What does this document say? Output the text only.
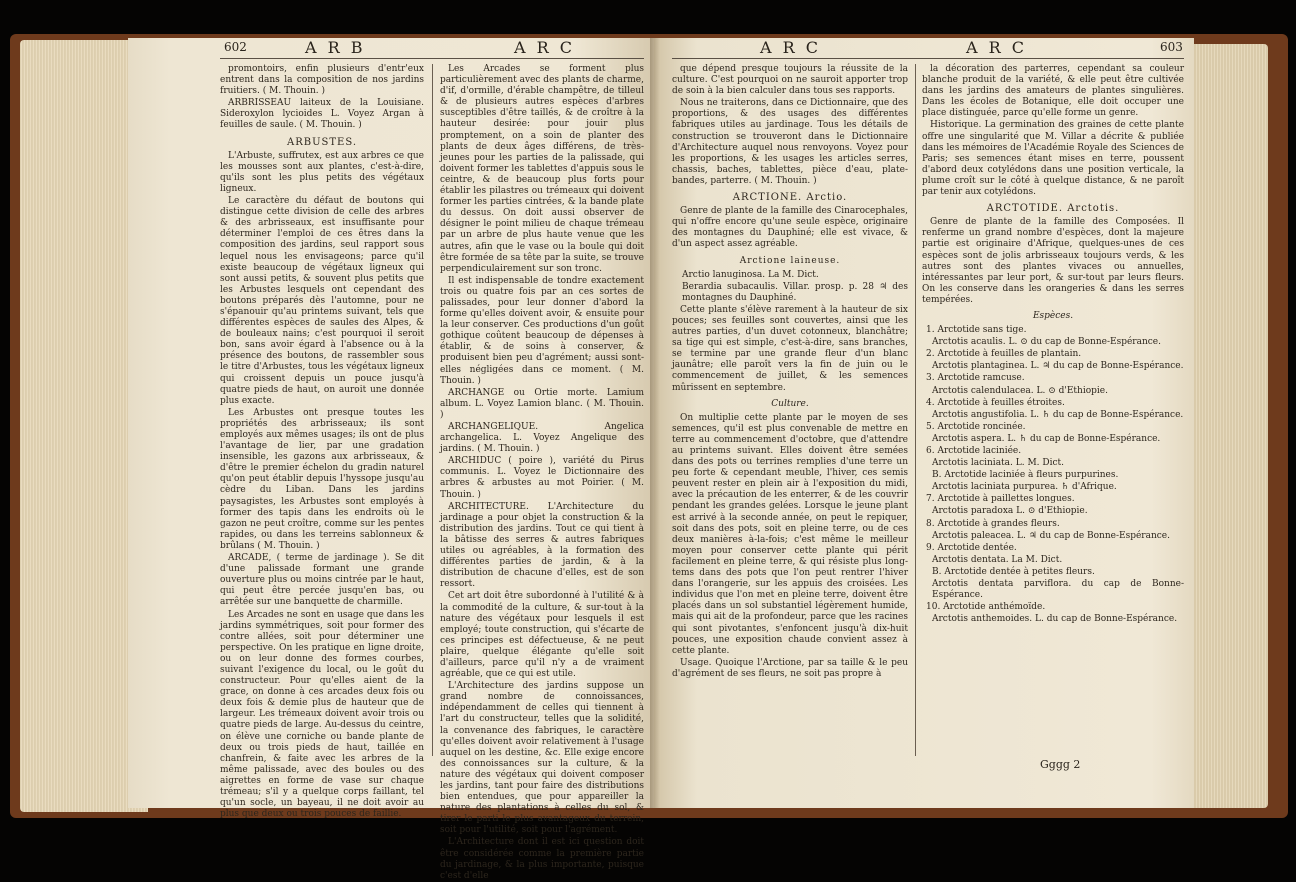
602	A R B	A R C	A R C	A R C	603

promontoirs, enfin plusieurs d'entr'eux entrent dans la composition de nos jardins fruitiers. ( M. Thouin. )

ARBRISSEAU laiteux de la Louisiane. Sideroxylon lycioides L. Voyez Argan à feuilles de saule. ( M. Thouin. )

ARBUSTES.

L'Arbuste, suffrutex, est aux arbres ce que les mousses sont aux plantes, c'est-à-dire, qu'ils sont les plus petits des végétaux ligneux.

Le caractère du défaut de boutons qui distingue cette division de celle des arbres & des arbrisseaux, est insuffisante pour déterminer l'emploi de ces êtres dans la composition des jardins, seul rapport sous lequel nous les envisageons; parce qu'il existe beaucoup de végétaux ligneux qui sont aussi petits, & souvent plus petits que les Arbustes lesquels ont cependant des boutons préparés dès l'automne, pour ne s'épanouir qu'au printems suivant, tels que différentes espèces de saules des Alpes, & de bouleaux nains; c'est pourquoi il seroit bon, sans avoir égard à l'absence ou à la présence des boutons, de rassembler sous le titre d'Arbustes, tous les végétaux ligneux qui croissent depuis un pouce jusqu'à quatre pieds de haut, on auroit une donnée plus exacte.

Les Arbustes ont presque toutes les propriétés des arbrisseaux; ils sont employés aux mêmes usages; ils ont de plus l'avantage de lier, par une gradation insensible, les gazons aux arbrisseaux, & d'être le premier échelon du gradin naturel qu'on peut établir depuis l'hyssope jusqu'au cèdre du Liban. Dans les jardins paysagistes, les Arbustes sont employés à former des tapis dans les endroits où le gazon ne peut croître, comme sur les pentes rapides, ou dans les terreins sablonneux & brûlans ( M. Thouin. )

ARCADE, ( terme de jardinage ). Se dit d'une palissade formant une grande ouverture plus ou moins cintrée par le haut, qui peut être percée jusqu'en bas, ou arrêtée sur une banquette de charmille.

Les Arcades ne sont en usage que dans les jardins symmétriques, soit pour former des contre allées, soit pour déterminer une perspective. On les pratique en ligne droite, ou on leur donne des formes courbes, suivant l'exigence du local, ou le goût du constructeur. Pour qu'elles aient de la grace, on donne à ces arcades deux fois ou deux fois & demie plus de hauteur que de largeur. Les trémeaux doivent avoir trois ou quatre pieds de large. Au-dessus du ceintre, on élève une corniche ou bande plante de deux ou trois pieds de haut, taillée en chanfrein, & faite avec les arbres de la même palissade, avec des boules ou des aigrettes en forme de vase sur chaque trémeau; s'il y a quelque corps faillant, tel qu'un socle, un bayeau, il ne doit avoir au plus que deux ou trois pouces de faillie.

Les Arcades se forment plus particulièrement avec des plants de charme, d'if, d'ormille, d'érable champêtre, de tilleul & de plusieurs autres espèces d'arbres susceptibles d'être taillés, & de croître à la hauteur desirée: pour jouir plus promptement, on a soin de planter des plants de deux âges différens, de très-jeunes pour les parties de la palissade, qui doivent former les tablettes d'appuis sous le ceintre, & de beaucoup plus forts pour établir les pilastres ou trémeaux qui doivent former les parties cintrées, & la bande plate du dessus. On doit aussi observer de désigner le point milieu de chaque trémeau par un arbre de plus haute venue que les autres, afin que le vase ou la boule qui doit être formée de sa tête par la suite, se trouve perpendiculairement sur son tronc.

Il est indispensable de tondre exactement trois ou quatre fois par an ces sortes de palissades, pour leur donner d'abord la forme qu'elles doivent avoir, & ensuite pour la leur conserver. Ces productions d'un goût gothique coûtent beaucoup de dépenses à établir, & de soins à conserver, & produisent bien peu d'agrément; aussi sont-elles négligées dans ce moment. ( M. Thouin. )

ARCHANGE ou Ortie morte. Lamium album. L. Voyez Lamion blanc. ( M. Thouin. )

ARCHANGELIQUE. Angelica archangelica. L. Voyez Angelique des jardins. ( M. Thouin. )

ARCHIDUC ( poire ), variété du Pirus communis. L. Voyez le Dictionnaire des arbres & arbustes au mot Poirier. ( M. Thouin. )

ARCHITECTURE. L'Architecture du jardinage a pour objet la construction & la distribution des jardins. Tout ce qui tient à la bâtisse des serres & autres fabriques utiles ou agréables, à la formation des différentes parties de jardin, & à la distribution de chacune d'elles, est de son ressort.

Cet art doit être subordonné à l'utilité & à la commodité de la culture, & sur-tout à la nature des végétaux pour lesquels il est employé; toute construction, qui s'écarte de ces principes est défectueuse, & ne peut plaire, quelque élégante qu'elle soit d'ailleurs, parce qu'il n'y a de vraiment agréable, que ce qui est utile.

L'Architecture des jardins suppose un grand nombre de connoissances, indépendamment de celles qui tiennent à l'art du constructeur, telles que la solidité, la convenance des fabriques, le caractère qu'elles doivent avoir relativement à l'usage auquel on les destine, &c. Elle exige encore des connoissances sur la culture, & la nature des végétaux qui doivent composer les jardins, tant pour faire des distributions bien entendues, que pour appareiller la nature des plantations à celles du sol, & tirer le parti le plus avantageux du terrein, soit pour l'utilité, soit pour l'agrément.

L'Architecture dont il est ici question doit être considérée comme la première partie du jardinage, & la plus importante, puisque c'est d'elle

que dépend presque toujours la réussite de la culture. C'est pourquoi on ne sauroit apporter trop de soin à la bien calculer dans tous ses rapports.

Nous ne traiterons, dans ce Dictionnaire, que des proportions, & des usages des différentes fabriques utiles au jardinage. Tous les détails de construction se trouveront dans le Dictionnaire d'Architecture auquel nous renvoyons. Voyez pour les proportions, & les usages les articles serres, chassis, baches, tablettes, pièce d'eau, plate-bandes, parterre. ( M. Thouin. )

ARCTIONE. Arctio.

Genre de plante de la famille des Cinarocephales, qui n'offre encore qu'une seule espèce, originaire des montagnes du Dauphiné; elle est vivace, & d'un aspect assez agréable.

Arctione laineuse.

Arctio lanuginosa. La M. Dict.

Berardia subacaulis. Villar. prosp. p. 28 ♃ des montagnes du Dauphiné.

Cette plante s'élève rarement à la hauteur de six pouces; ses feuilles sont couvertes, ainsi que les autres parties, d'un duvet cotonneux, blanchâtre; sa tige qui est simple, c'est-à-dire, sans branches, se termine par une grande fleur d'un blanc jaunâtre; elle paroît vers la fin de juin ou le commencement de juillet, & les semences mûrissent en septembre.

Culture.

On multiplie cette plante par le moyen de ses semences, qu'il est plus convenable de mettre en terre au commencement d'octobre, que d'attendre au printems suivant. Elles doivent être semées dans des pots ou terrines remplies d'une terre un peu forte & cependant meuble, l'hiver, ces semis peuvent rester en plein air à l'exposition du midi, avec la précaution de les enterrer, & de les couvrir pendant les grandes gelées. Lorsque le jeune plant est arrivé à la seconde année, on peut le repiquer, soit dans des pots, soit en pleine terre, ou de ces deux manières à-la-fois; c'est même le meilleur moyen pour conserver cette plante qui périt facilement en pleine terre, & qui résiste plus long-tems dans des pots que l'on peut rentrer l'hiver dans l'orangerie, sur les appuis des croisées. Les individus que l'on met en pleine terre, doivent être placés dans un sol substantiel légèrement humide, mais qui ait de la profondeur, parce que les racines qui sont pivotantes, s'enfoncent jusqu'à dix-huit pouces, une exposition chaude convient assez à cette plante.

Usage. Quoique l'Arctione, par sa taille & le peu d'agrément de ses fleurs, ne soit pas propre à

la décoration des parterres, cependant sa couleur blanche produit de la variété, & elle peut être cultivée dans les jardins des amateurs de plantes singulières. Dans les écoles de Botanique, elle doit occuper une place distinguée, parce qu'elle forme un genre.

Historique. La germination des graines de cette plante offre une singularité que M. Villar a décrite & publiée dans les mémoires de l'Académie Royale des Sciences de Paris; ses semences étant mises en terre, poussent d'abord deux cotylédons dans une position verticale, la plume croît sur le côté à quelque distance, & ne paroît par tenir aux cotylédons.

ARCTOTIDE. Arctotis.

Genre de plante de la famille des Composées. Il renferme un grand nombre d'espèces, dont la majeure partie est originaire d'Afrique, quelques-unes de ces espèces sont de jolis arbrisseaux toujours verds, & les autres sont des plantes vivaces ou annuelles, intéressantes par leur port, & sur-tout par leurs fleurs. On les conserve dans les orangeries & dans les serres tempérées.

Espèces.

1. Arctotide sans tige.

Arctotis acaulis. L. ⊙ du cap de Bonne-Espérance.

2. Arctotide à feuilles de plantain.

Arctotis plantaginea. L. ♃ du cap de Bonne-Espérance.

3. Arctotide ramcuse.

Arctotis calendulacea. L. ⊙ d'Ethiopie.

4. Arctotide à feuilles étroites.

Arctotis angustifolia. L. ♄ du cap de Bonne-Espérance.

5. Arctotide roncinée.

Arctotis aspera. L. ♄ du cap de Bonne-Espérance.

6. Arctotide laciniée.

Arctotis laciniata. L. M. Dict.

B. Arctotide laciniée à fleurs purpurines.

Arctotis laciniata purpurea. ♄ d'Afrique.

7. Arctotide à paillettes longues.

Arctotis paradoxa L. ⊙ d'Ethiopie.

8. Arctotide à grandes fleurs.

Arctotis paleacea. L. ♃ du cap de Bonne-Espérance.

9. Arctotide dentée.

Arctotis dentata. La M. Dict.

B. Arctotide dentée à petites fleurs.

Arctotis dentata parviflora. du cap de Bonne-Espérance.

10. Arctotide anthémoïde.

Arctotis anthemoides. L. du cap de Bonne-Espérance.

Gggg 2
